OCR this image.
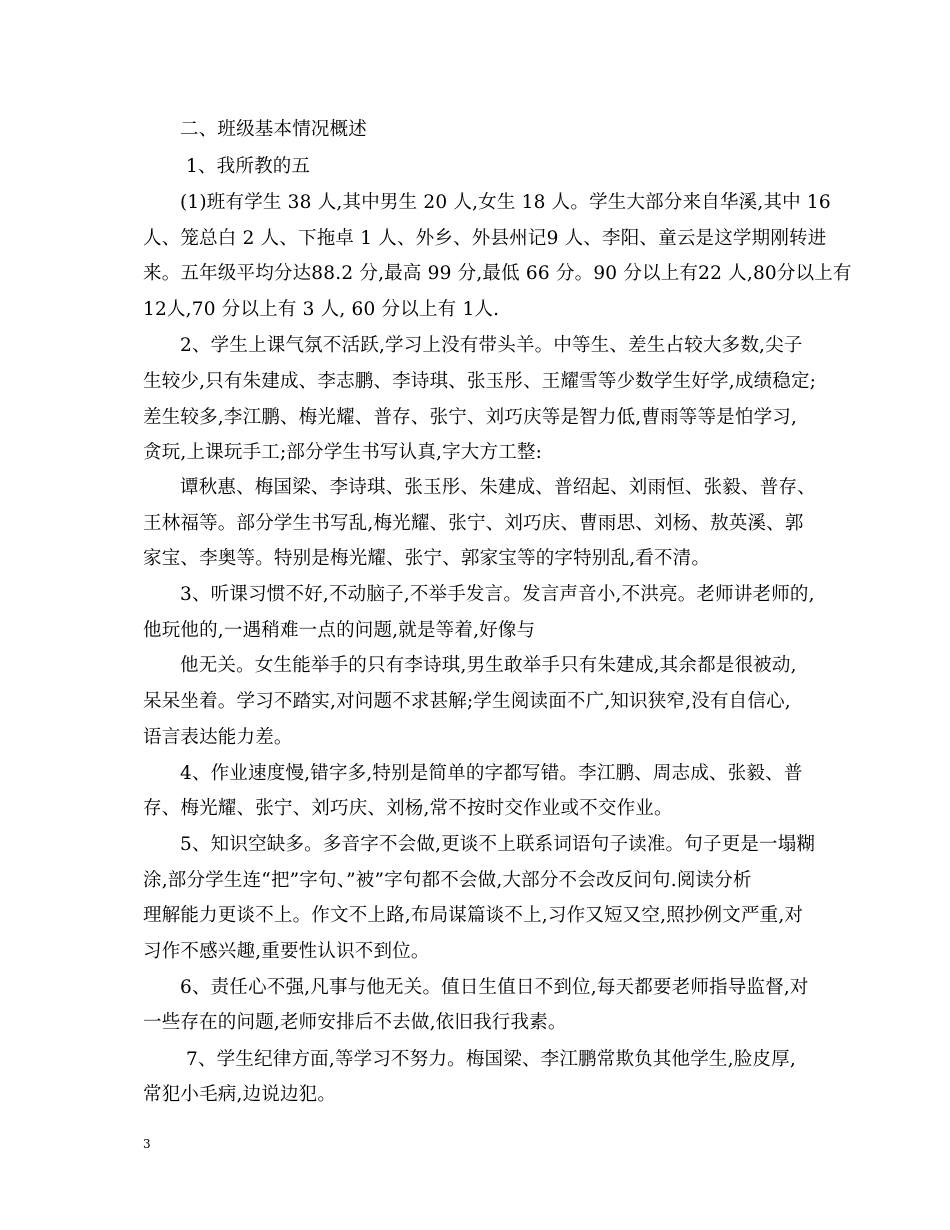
二、班级基本情况概述
1、我所教的五
(1)班有学生 38 人,其中男生 20 人,女生 18 人。学生大部分来自华溪,其中 16
人、笼总白 2 人、下拖卓 1 人、外乡、外县州记9 人、李阳、童云是这学期刚转进
来。五年级平均分达88.2 分,最高 99 分,最低 66 分。90 分以上有22 人,80分以上有
12人,70 分以上有 3 人, 60 分以上有 1人.
2、学生上课气氛不活跃,学习上没有带头羊。中等生、差生占较大多数,尖子
生较少,只有朱建成、李志鹏、李诗琪、张玉彤、王耀雪等少数学生好学,成绩稳定;
差生较多,李江鹏、梅光耀、普存、张宁、刘巧庆等是智力低,曹雨等等是怕学习,
贪玩,上课玩手工;部分学生书写认真,字大方工整:
谭秋惠、梅国梁、李诗琪、张玉彤、朱建成、普绍起、刘雨恒、张毅、普存、
王林福等。部分学生书写乱,梅光耀、张宁、刘巧庆、曹雨思、刘杨、敖英溪、郭
家宝、李奥等。特别是梅光耀、张宁、郭家宝等的字特别乱,看不清。
3、听课习惯不好,不动脑子,不举手发言。发言声音小,不洪亮。老师讲老师的,
他玩他的,一遇稍难一点的问题,就是等着,好像与
他无关。女生能举手的只有李诗琪,男生敢举手只有朱建成,其余都是很被动,
呆呆坐着。学习不踏实,对问题不求甚解;学生阅读面不广,知识狭窄,没有自信心,
语言表达能力差。
4、作业速度慢,错字多,特别是简单的字都写错。李江鹏、周志成、张毅、普
存、梅光耀、张宁、刘巧庆、刘杨,常不按时交作业或不交作业。
5、知识空缺多。多音字不会做,更谈不上联系词语句子读准。句子更是一塌糊
涂,部分学生连“把”字句、”被”字句都不会做,大部分不会改反问句.阅读分析
理解能力更谈不上。作文不上路,布局谋篇谈不上,习作又短又空,照抄例文严重,对
习作不感兴趣,重要性认识不到位。
6、责任心不强,凡事与他无关。值日生值日不到位,每天都要老师指导监督,对
一些存在的问题,老师安排后不去做,依旧我行我素。
7、学生纪律方面,等学习不努力。梅国梁、李江鹏常欺负其他学生,脸皮厚,
常犯小毛病,边说边犯。
3
